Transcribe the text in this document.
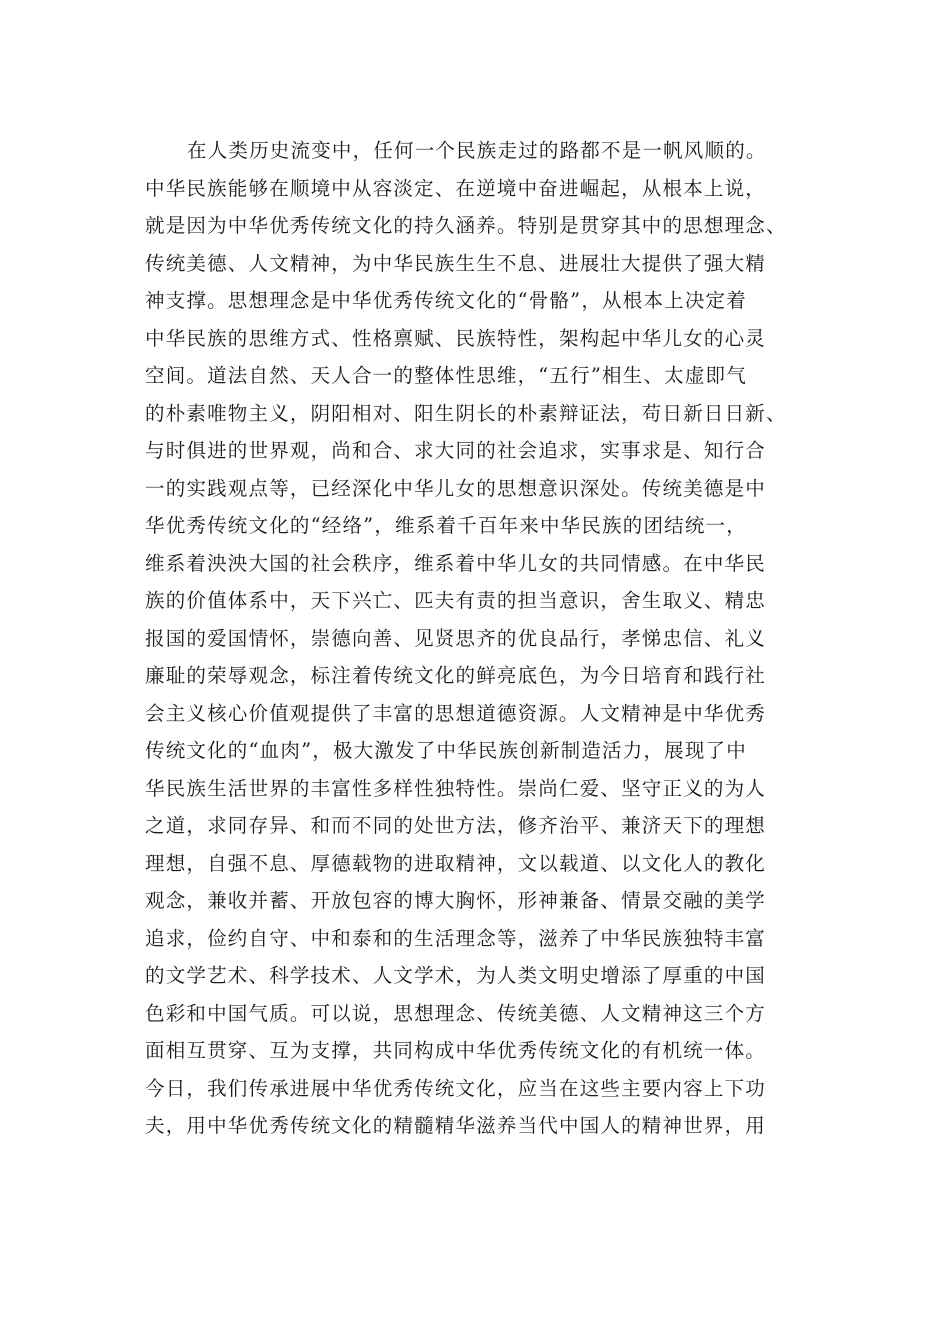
在人类历史流变中，任何一个民族走过的路都不是一帆风顺的。
中华民族能够在顺境中从容淡定、在逆境中奋进崛起，从根本上说，
就是因为中华优秀传统文化的持久涵养。特别是贯穿其中的思想理念、
传统美德、人文精神，为中华民族生生不息、进展壮大提供了强大精
神支撑。思想理念是中华优秀传统文化的“骨骼”，从根本上决定着
中华民族的思维方式、性格禀赋、民族特性，架构起中华儿女的心灵
空间。道法自然、天人合一的整体性思维，“五行”相生、太虚即气
的朴素唯物主义，阴阳相对、阳生阴长的朴素辩证法，苟日新日日新、
与时俱进的世界观，尚和合、求大同的社会追求，实事求是、知行合
一的实践观点等，已经深化中华儿女的思想意识深处。传统美德是中
华优秀传统文化的“经络”，维系着千百年来中华民族的团结统一，
维系着泱泱大国的社会秩序，维系着中华儿女的共同情感。在中华民
族的价值体系中，天下兴亡、匹夫有责的担当意识，舍生取义、精忠
报国的爱国情怀，崇德向善、见贤思齐的优良品行，孝悌忠信、礼义
廉耻的荣辱观念，标注着传统文化的鲜亮底色，为今日培育和践行社
会主义核心价值观提供了丰富的思想道德资源。人文精神是中华优秀
传统文化的“血肉”，极大激发了中华民族创新制造活力，展现了中
华民族生活世界的丰富性多样性独特性。崇尚仁爱、坚守正义的为人
之道，求同存异、和而不同的处世方法，修齐治平、兼济天下的理想
理想，自强不息、厚德载物的进取精神，文以载道、以文化人的教化
观念，兼收并蓄、开放包容的博大胸怀，形神兼备、情景交融的美学
追求，俭约自守、中和泰和的生活理念等，滋养了中华民族独特丰富
的文学艺术、科学技术、人文学术，为人类文明史增添了厚重的中国
色彩和中国气质。可以说，思想理念、传统美德、人文精神这三个方
面相互贯穿、互为支撑，共同构成中华优秀传统文化的有机统一体。
今日，我们传承进展中华优秀传统文化，应当在这些主要内容上下功
夫，用中华优秀传统文化的精髓精华滋养当代中国人的精神世界，用
